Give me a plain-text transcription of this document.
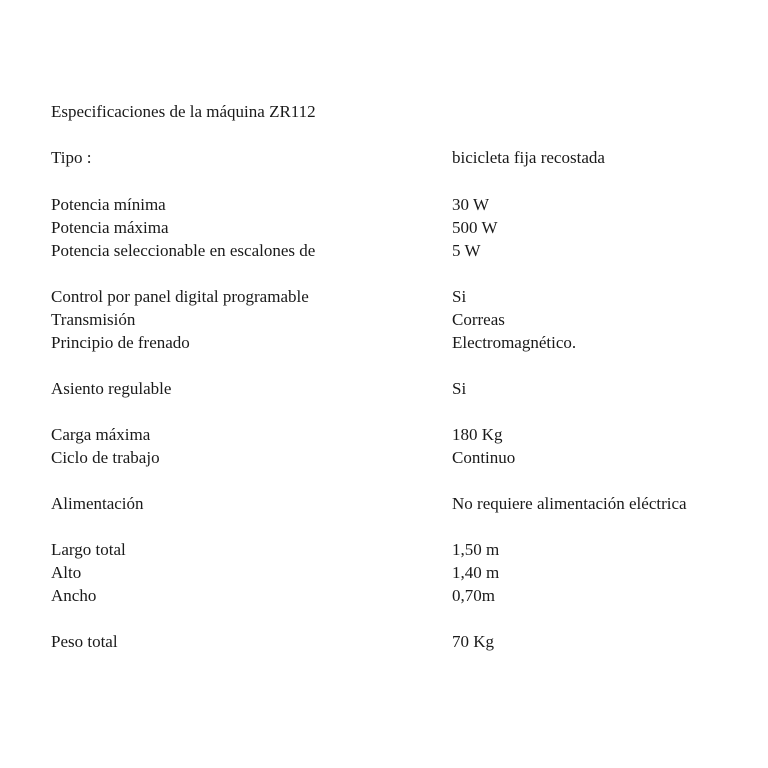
Especificaciones de la máquina ZR112
Tipo :	bicicleta fija recostada
Potencia mínima	30 W
Potencia máxima	500 W
Potencia seleccionable en escalones de	5 W
Control por panel digital programable	Si
Transmisión	Correas
Principio de frenado	Electromagnético.
Asiento regulable	Si
Carga máxima	180 Kg
Ciclo de trabajo	Continuo
Alimentación	No requiere alimentación eléctrica
Largo total	1,50 m
Alto	1,40 m
Ancho	0,70m
Peso total	70 Kg
